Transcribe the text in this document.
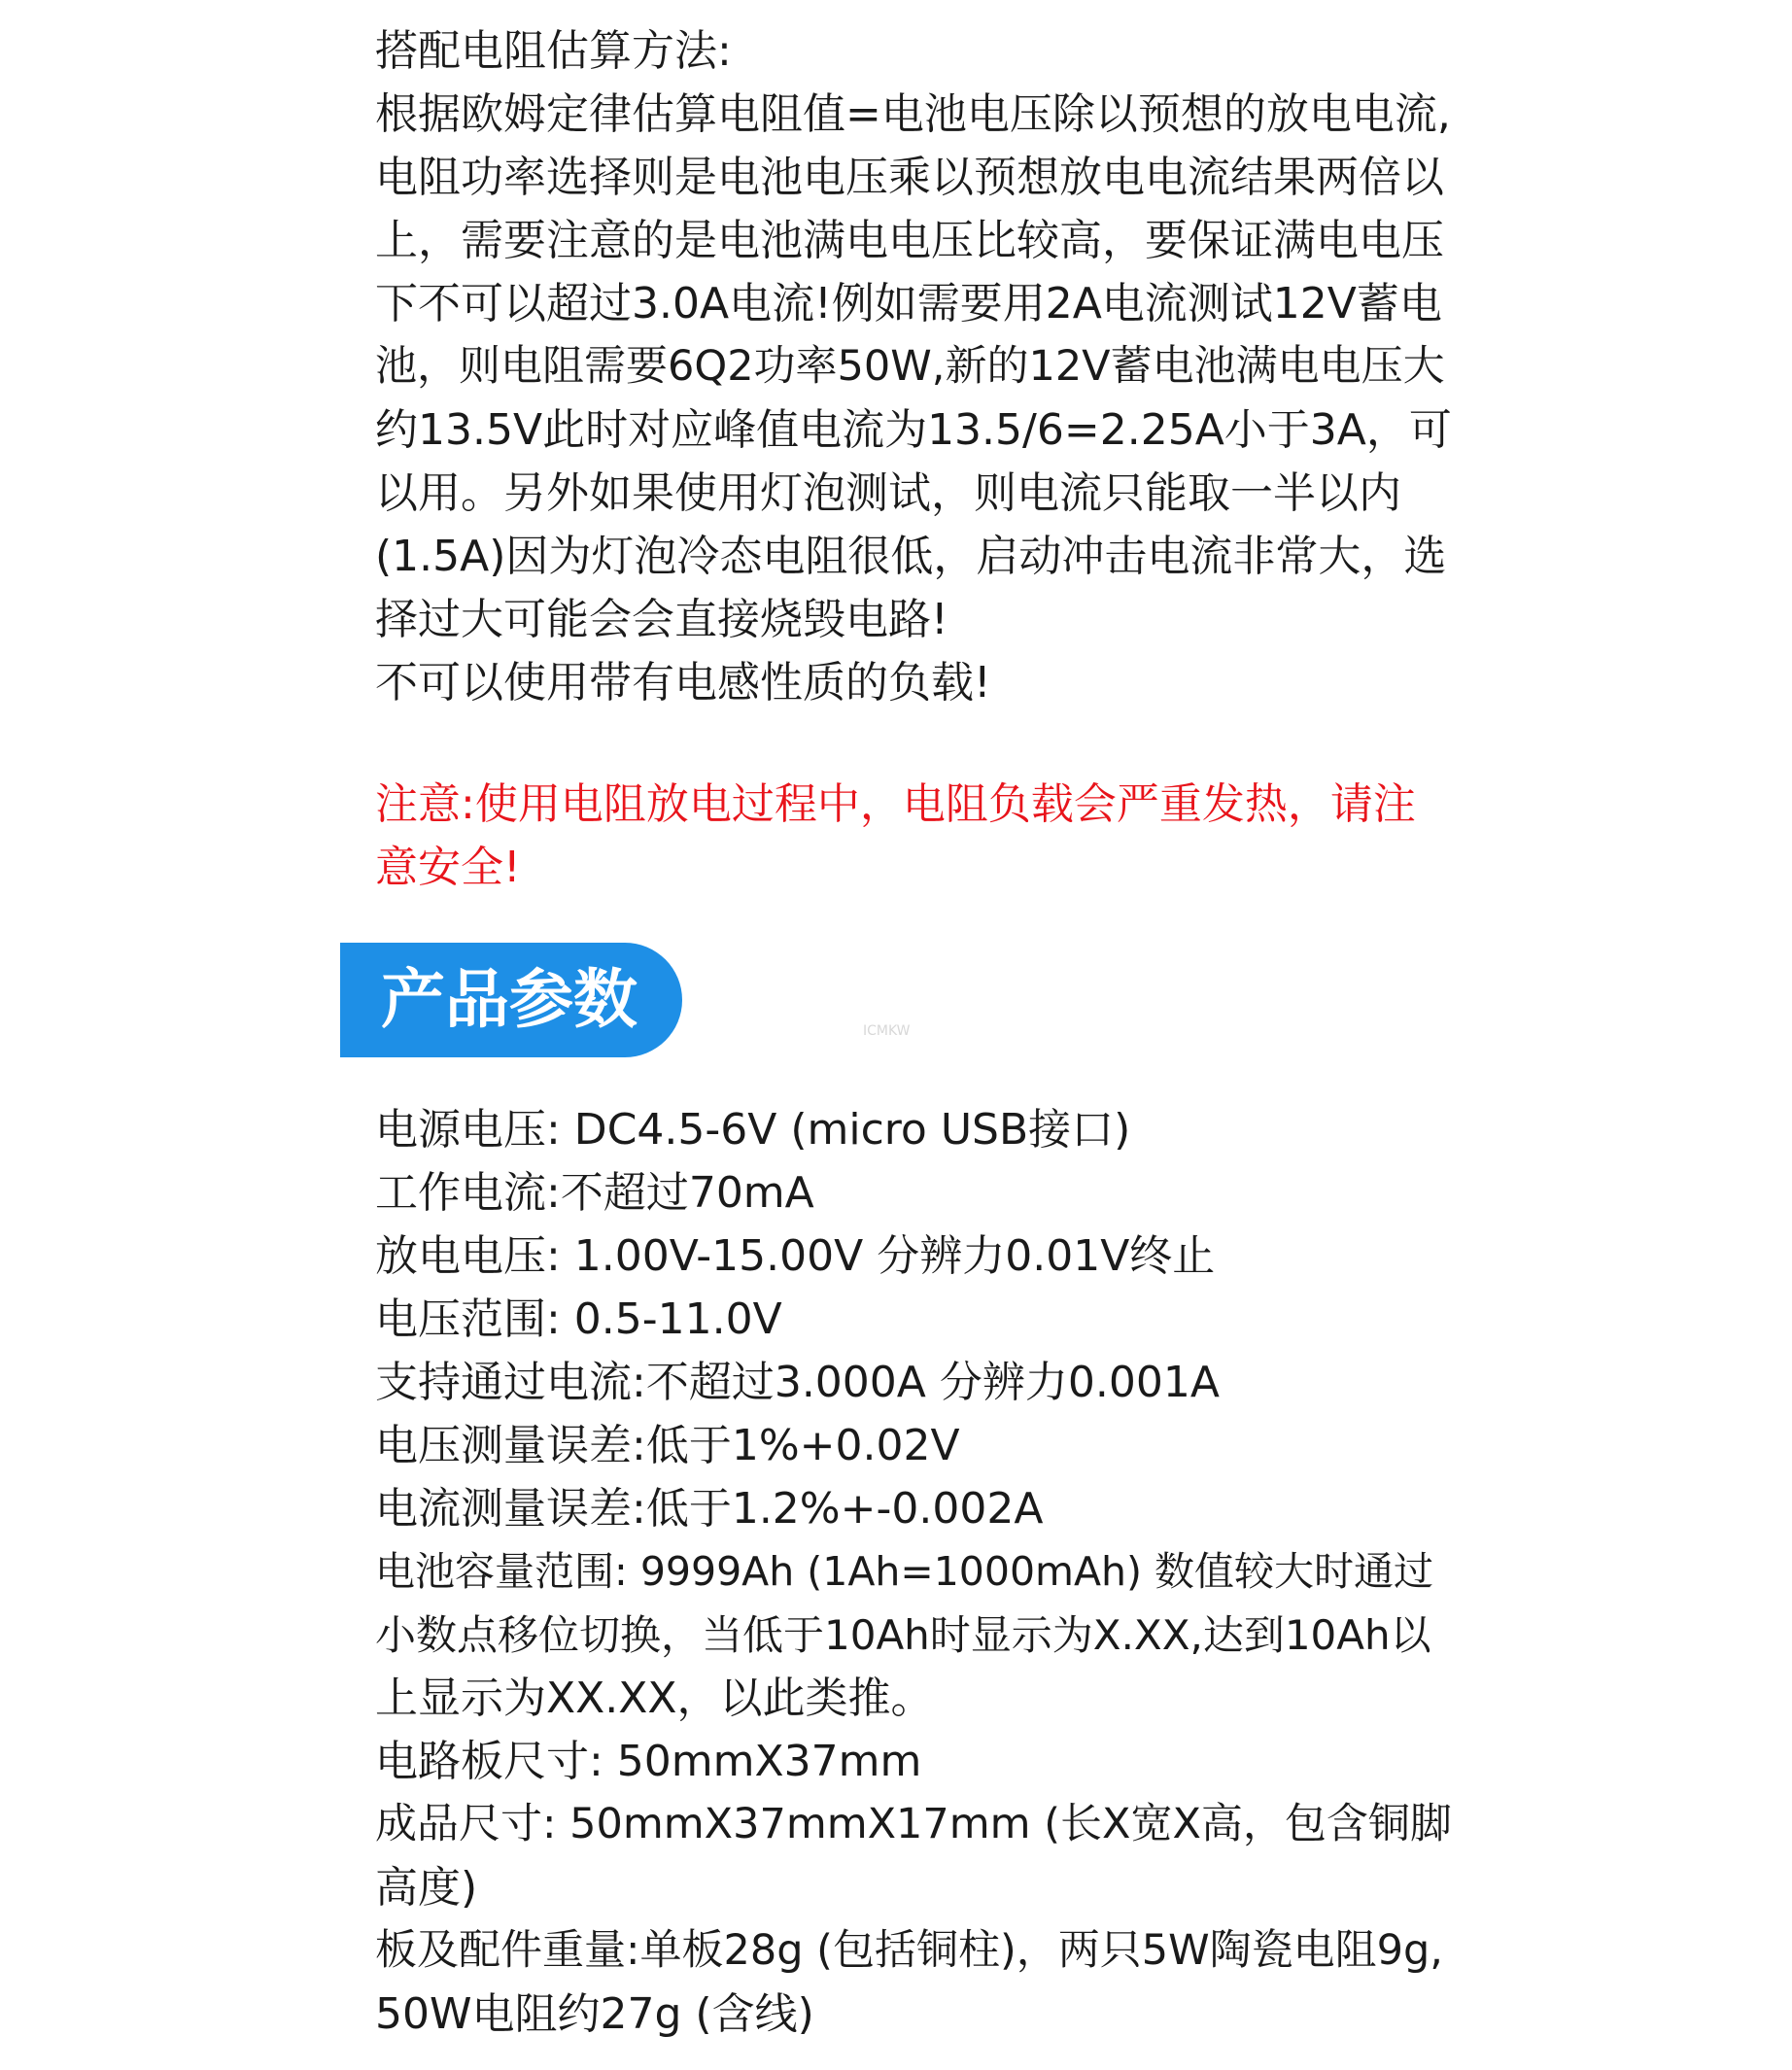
搭配电阻估算方法:
根据欧姆定律估算电阻值=电池电压除以预想的放电电流,
电阻功率选择则是电池电压乘以预想放电电流结果两倍以
上，需要注意的是电池满电电压比较高，要保证满电电压
下不可以超过3.0A电流!例如需要用2A电流测试12V蓄电
池，则电阻需要6Q2功率50W,新的12V蓄电池满电电压大
约13.5V此时对应峰值电流为13.5/6=2.25A小于3A，可
以用。另外如果使用灯泡测试，则电流只能取一半以内
(1.5A)因为灯泡冷态电阻很低，启动冲击电流非常大，选
择过大可能会会直接烧毁电路!
不可以使用带有电感性质的负载!
注意:使用电阻放电过程中，电阻负载会严重发热，请注
意安全!
产品参数	ICMKW
电源电压: DC4.5-6V (micro USB接口)
工作电流:不超过70mA
放电电压: 1.00V-15.00V 分辨力0.01V终止
电压范围: 0.5-11.0V
支持通过电流:不超过3.000A 分辨力0.001A
电压测量误差:低于1%+0.02V
电流测量误差:低于1.2%+-0.002A
电池容量范围: 9999Ah (1Ah=1000mAh) 数值较大时通过
小数点移位切换，当低于10Ah时显示为X.XX,达到10Ah以
上显示为XX.XX，以此类推。
电路板尺寸: 50mmX37mm
成品尺寸: 50mmX37mmX17mm (长X宽X高，包含铜脚
高度)
板及配件重量:单板28g (包括铜柱)，两只5W陶瓷电阻9g,
50W电阻约27g (含线)
